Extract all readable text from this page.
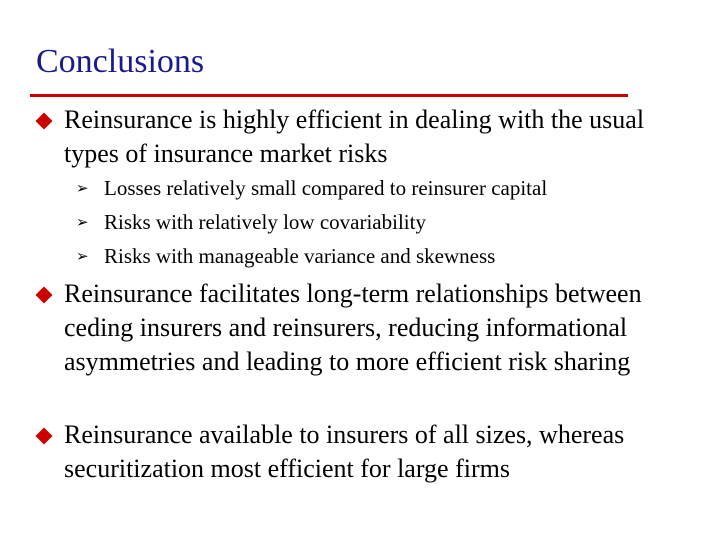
Conclusions
Reinsurance is highly efficient in dealing with the usual types of insurance market risks
➢ Losses relatively small compared to reinsurer capital
➢ Risks with relatively low covariability
➢ Risks with manageable variance and skewness
Reinsurance facilitates long-term relationships between ceding insurers and reinsurers, reducing informational asymmetries and leading to more efficient risk sharing
Reinsurance available to insurers of all sizes, whereas securitization most efficient for large firms
